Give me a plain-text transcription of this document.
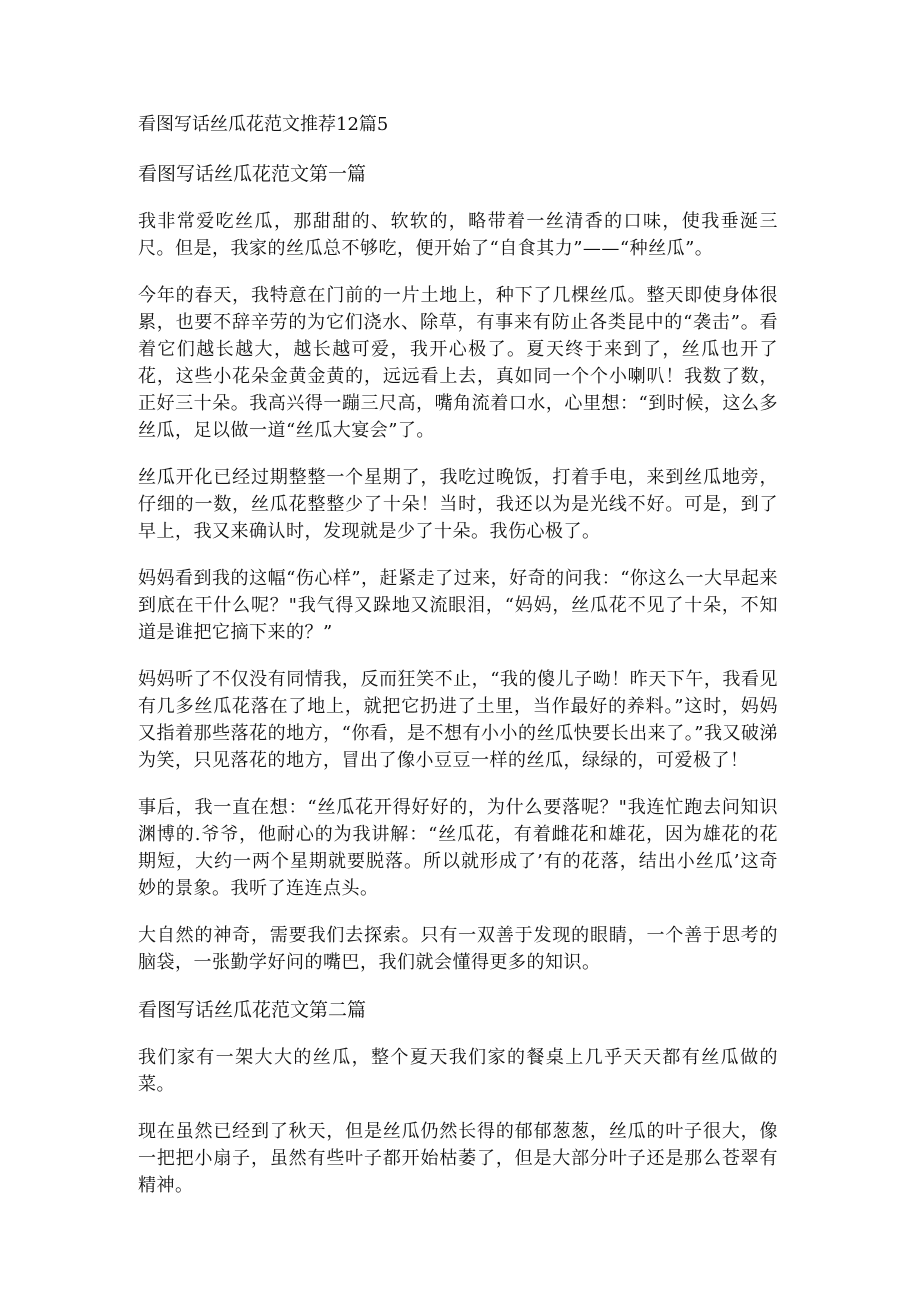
看图写话丝瓜花范文推荐12篇5
看图写话丝瓜花范文第一篇

我非常爱吃丝瓜，那甜甜的、软软的，略带着一丝清香的口味，使我垂涎三尺。但是，我家的丝瓜总不够吃，便开始了“自食其力”——“种丝瓜”。

今年的春天，我特意在门前的一片土地上，种下了几棵丝瓜。整天即使身体很累，也要不辞辛劳的为它们浇水、除草，有事来有防止各类昆中的“袭击”。看着它们越长越大，越长越可爱，我开心极了。夏天终于来到了，丝瓜也开了花，这些小花朵金黄金黄的，远远看上去，真如同一个个小喇叭！我数了数，正好三十朵。我高兴得一蹦三尺高，嘴角流着口水，心里想：“到时候，这么多丝瓜，足以做一道“丝瓜大宴会”了。

丝瓜开化已经过期整整一个星期了，我吃过晚饭，打着手电，来到丝瓜地旁，仔细的一数，丝瓜花整整少了十朵！当时，我还以为是光线不好。可是，到了早上，我又来确认时，发现就是少了十朵。我伤心极了。

妈妈看到我的这幅“伤心样”，赶紧走了过来，好奇的问我：“你这么一大早起来到底在干什么呢？"我气得又跺地又流眼泪，“妈妈，丝瓜花不见了十朵，不知道是谁把它摘下来的？”

妈妈听了不仅没有同情我，反而狂笑不止，“我的傻儿子呦！昨天下午，我看见有几多丝瓜花落在了地上，就把它扔进了土里，当作最好的养料。”这时，妈妈又指着那些落花的地方，“你看，是不想有小小的丝瓜快要长出来了。”我又破涕为笑，只见落花的地方，冒出了像小豆豆一样的丝瓜，绿绿的，可爱极了！

事后，我一直在想：“丝瓜花开得好好的，为什么要落呢？"我连忙跑去问知识渊博的.爷爷，他耐心的为我讲解：“丝瓜花，有着雌花和雄花，因为雄花的花期短，大约一两个星期就要脱落。所以就形成了’有的花落，结出小丝瓜’这奇妙的景象。我听了连连点头。

大自然的神奇，需要我们去探索。只有一双善于发现的眼睛，一个善于思考的脑袋，一张勤学好问的嘴巴，我们就会懂得更多的知识。

看图写话丝瓜花范文第二篇

我们家有一架大大的丝瓜，整个夏天我们家的餐桌上几乎天天都有丝瓜做的菜。

现在虽然已经到了秋天，但是丝瓜仍然长得的郁郁葱葱，丝瓜的叶子很大，像一把把小扇子，虽然有些叶子都开始枯萎了，但是大部分叶子还是那么苍翠有精神。
